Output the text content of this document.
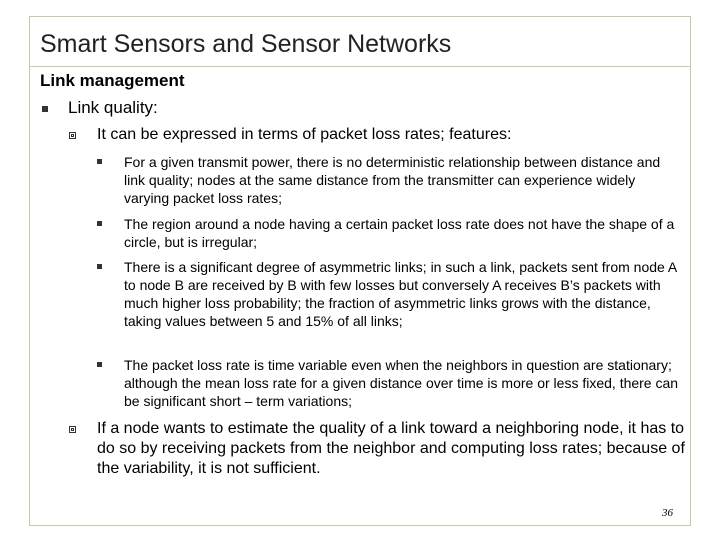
Smart Sensors and Sensor Networks
Link management
Link quality:
It can be expressed in terms of packet loss rates; features:
For a given transmit power, there is no deterministic relationship between distance and link quality; nodes at the same distance from the transmitter can experience widely varying packet loss rates;
The region around a node having a certain packet loss rate does not have the shape of a circle, but is irregular;
There is a significant degree of asymmetric links; in such a link, packets sent from node A to node B are received by B with few losses but conversely A receives B’s packets with much higher loss probability; the fraction of asymmetric links grows with the distance, taking values between 5 and 15% of all links;
The packet loss rate is time variable even when the neighbors in question are stationary; although the mean loss rate for a given distance over time is more or less fixed, there can be significant short – term variations;
If a node wants to estimate the quality of a link toward a neighboring node, it has to do so by receiving packets from the neighbor and computing loss rates; because of the variability, it is not sufficient.
36
